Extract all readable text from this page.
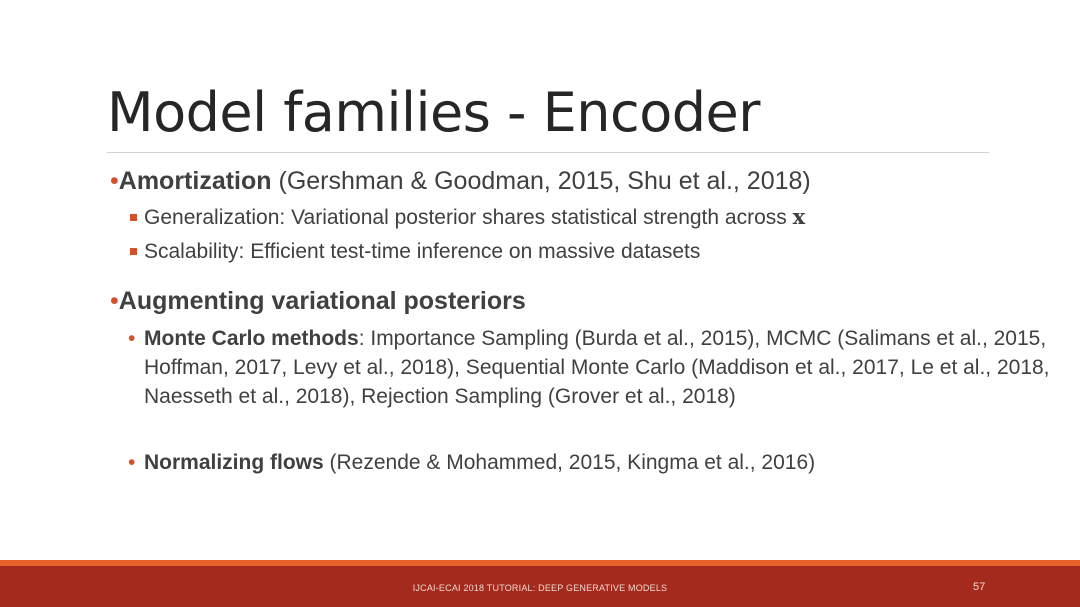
Model families - Encoder
•Amortization (Gershman & Goodman, 2015, Shu et al., 2018)
Generalization: Variational posterior shares statistical strength across x
Scalability: Efficient test-time inference on massive datasets
•Augmenting variational posteriors
• Monte Carlo methods: Importance Sampling (Burda et al., 2015), MCMC (Salimans et al., 2015, Hoffman, 2017, Levy et al., 2018), Sequential Monte Carlo (Maddison et al., 2017, Le et al., 2018, Naesseth et al., 2018), Rejection Sampling (Grover et al., 2018)
• Normalizing flows (Rezende & Mohammed, 2015, Kingma et al., 2016)
IJCAI-ECAI 2018 TUTORIAL: DEEP GENERATIVE MODELS	57
